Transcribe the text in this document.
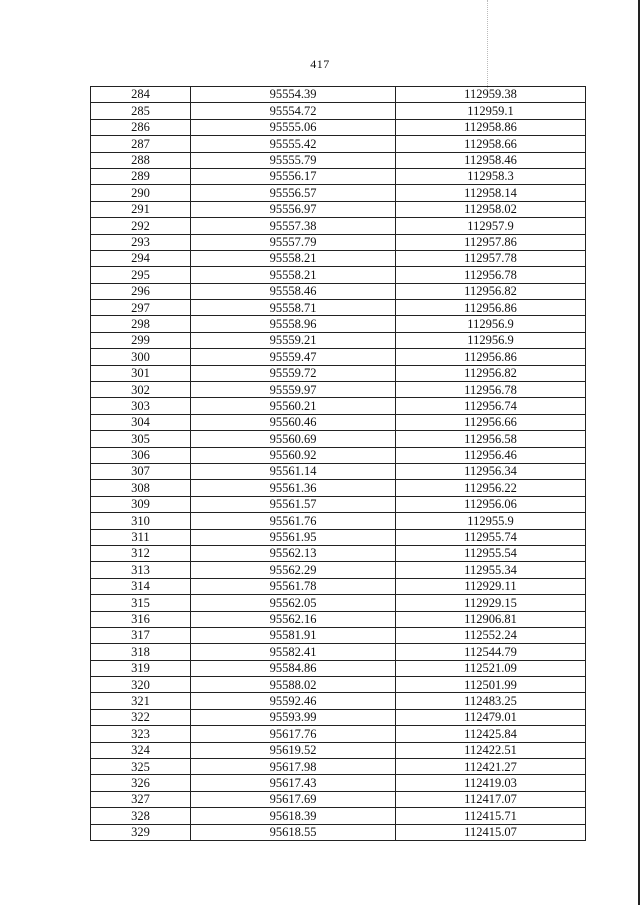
417
284	95554.39	112959.38
285	95554.72	112959.1
286	95555.06	112958.86
287	95555.42	112958.66
288	95555.79	112958.46
289	95556.17	112958.3
290	95556.57	112958.14
291	95556.97	112958.02
292	95557.38	112957.9
293	95557.79	112957.86
294	95558.21	112957.78
295	95558.21	112956.78
296	95558.46	112956.82
297	95558.71	112956.86
298	95558.96	112956.9
299	95559.21	112956.9
300	95559.47	112956.86
301	95559.72	112956.82
302	95559.97	112956.78
303	95560.21	112956.74
304	95560.46	112956.66
305	95560.69	112956.58
306	95560.92	112956.46
307	95561.14	112956.34
308	95561.36	112956.22
309	95561.57	112956.06
310	95561.76	112955.9
311	95561.95	112955.74
312	95562.13	112955.54
313	95562.29	112955.34
314	95561.78	112929.11
315	95562.05	112929.15
316	95562.16	112906.81
317	95581.91	112552.24
318	95582.41	112544.79
319	95584.86	112521.09
320	95588.02	112501.99
321	95592.46	112483.25
322	95593.99	112479.01
323	95617.76	112425.84
324	95619.52	112422.51
325	95617.98	112421.27
326	95617.43	112419.03
327	95617.69	112417.07
328	95618.39	112415.71
329	95618.55	112415.07
